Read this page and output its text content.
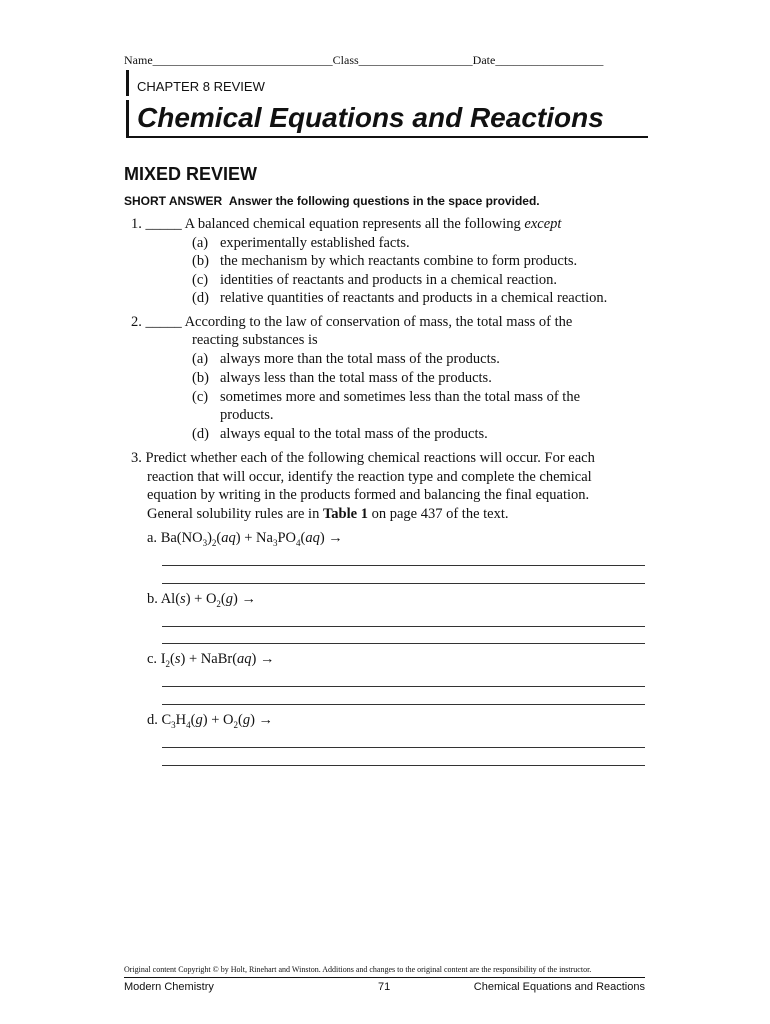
Name______________________________Class___________________Date__________________
CHAPTER 8 REVIEW
Chemical Equations and Reactions
MIXED REVIEW
SHORT ANSWER Answer the following questions in the space provided.
1. _____ A balanced chemical equation represents all the following except
(a) experimentally established facts.
(b) the mechanism by which reactants combine to form products.
(c) identities of reactants and products in a chemical reaction.
(d) relative quantities of reactants and products in a chemical reaction.
2. _____ According to the law of conservation of mass, the total mass of the
reacting substances is
(a) always more than the total mass of the products.
(b) always less than the total mass of the products.
(c) sometimes more and sometimes less than the total mass of the
products.
(d) always equal to the total mass of the products.
3. Predict whether each of the following chemical reactions will occur. For each
reaction that will occur, identify the reaction type and complete the chemical
equation by writing in the products formed and balancing the final equation.
General solubility rules are in Table 1 on page 437 of the text.
a. $Ba(NO_3)_2(aq) + Na_3PO_4(aq)$ →
b. $Al(s) + O_2(g)$ →
c. $I_2(s)$ + NaBr(aq) →
d. $C_3H_4(g) + O_2(g)$ →
Original content Copyright © by Holt, Rinehart and Winston. Additions and changes to the original content are the responsibility of the instructor.
Modern Chemistry	71	Chemical Equations and Reactions
